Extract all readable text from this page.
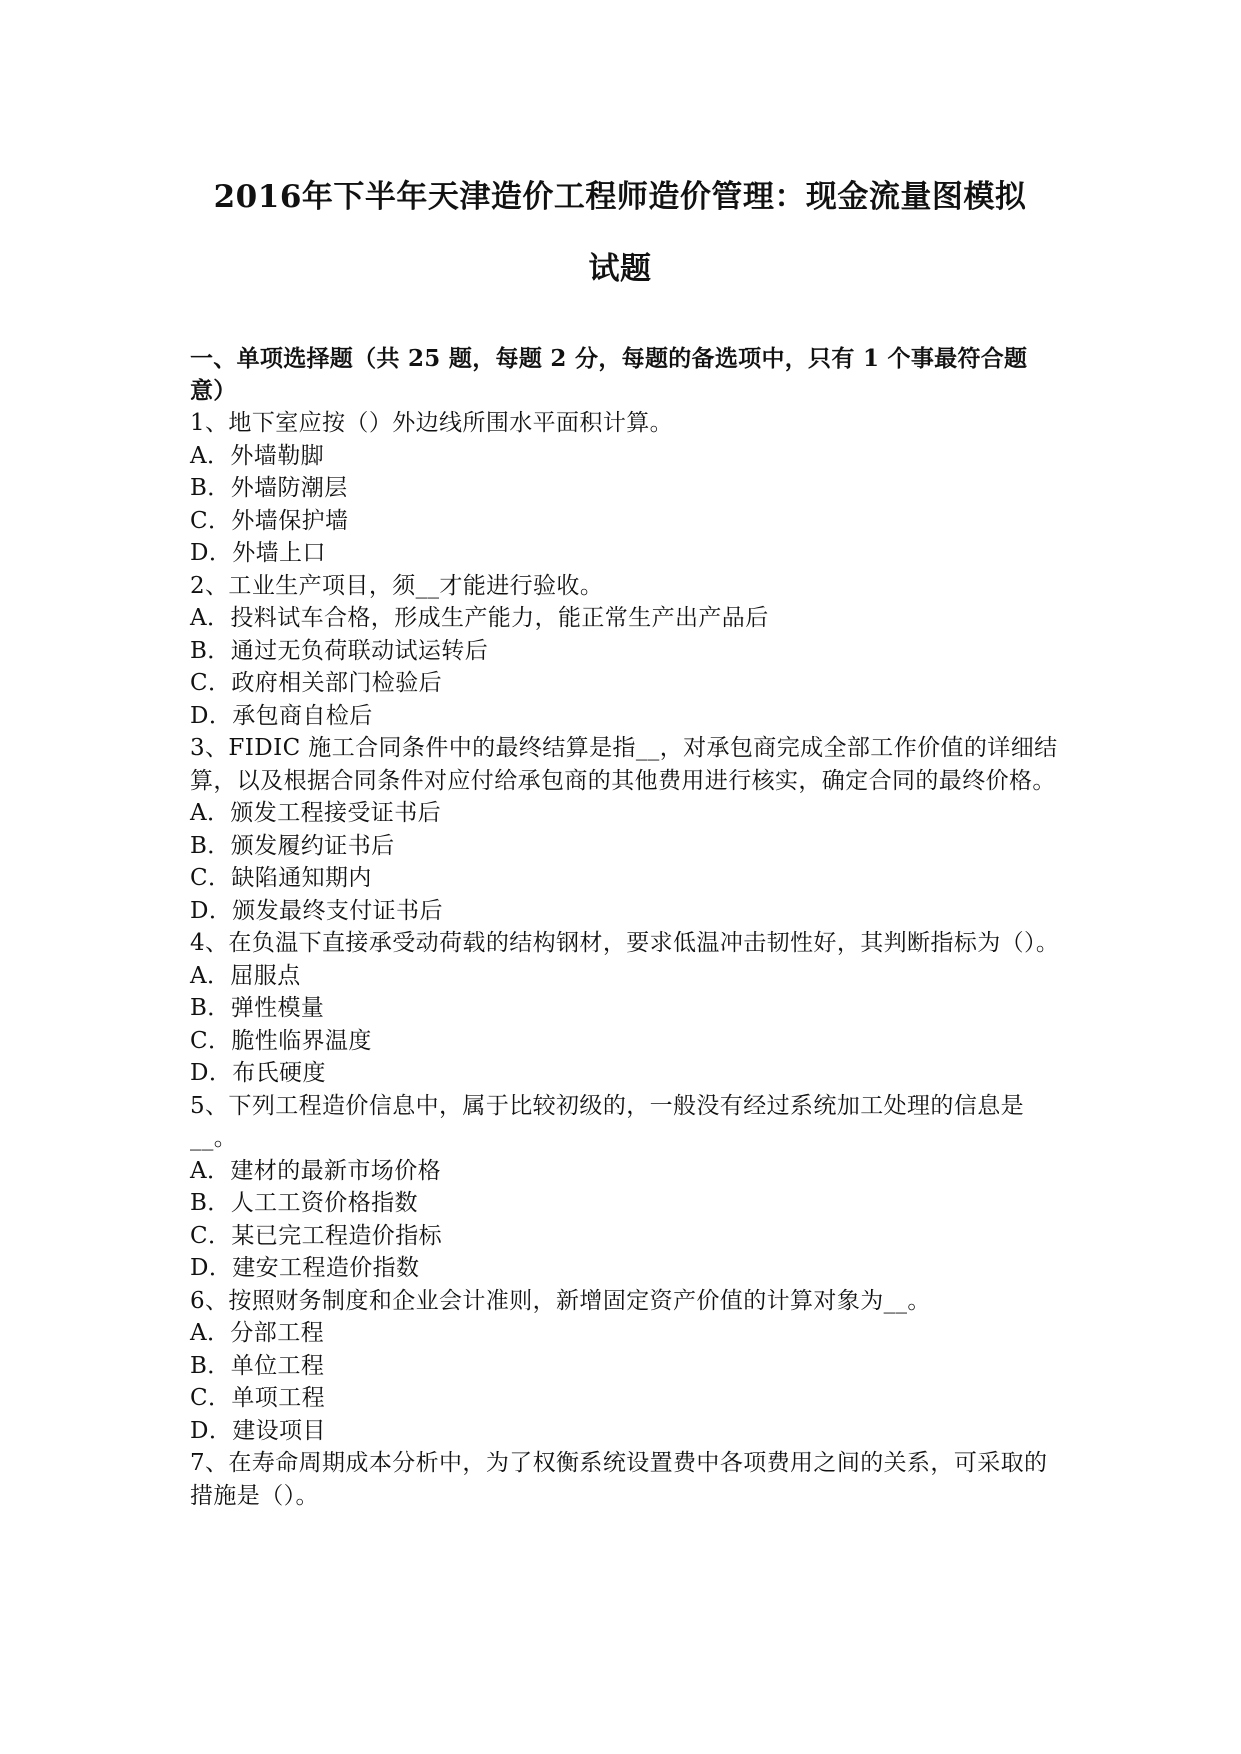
2016年下半年天津造价工程师造价管理：现金流量图模拟
试题
一、单项选择题（共 25 题，每题 2 分，每题的备选项中，只有 1 个事最符合题意）
1、地下室应按（）外边线所围水平面积计算。
A．外墙勒脚
B．外墙防潮层
C．外墙保护墙
D．外墙上口
2、工业生产项目，须__才能进行验收。
A．投料试车合格，形成生产能力，能正常生产出产品后
B．通过无负荷联动试运转后
C．政府相关部门检验后
D．承包商自检后
3、FIDIC 施工合同条件中的最终结算是指__，对承包商完成全部工作价值的详细结算，以及根据合同条件对应付给承包商的其他费用进行核实，确定合同的最终价格。
A．颁发工程接受证书后
B．颁发履约证书后
C．缺陷通知期内
D．颁发最终支付证书后
4、在负温下直接承受动荷载的结构钢材，要求低温冲击韧性好，其判断指标为（）。
A．屈服点
B．弹性模量
C．脆性临界温度
D．布氏硬度
5、下列工程造价信息中，属于比较初级的，一般没有经过系统加工处理的信息是__。
A．建材的最新市场价格
B．人工工资价格指数
C．某已完工程造价指标
D．建安工程造价指数
6、按照财务制度和企业会计准则，新增固定资产价值的计算对象为__。
A．分部工程
B．单位工程
C．单项工程
D．建设项目
7、在寿命周期成本分析中，为了权衡系统设置费中各项费用之间的关系，可采取的措施是（）。
